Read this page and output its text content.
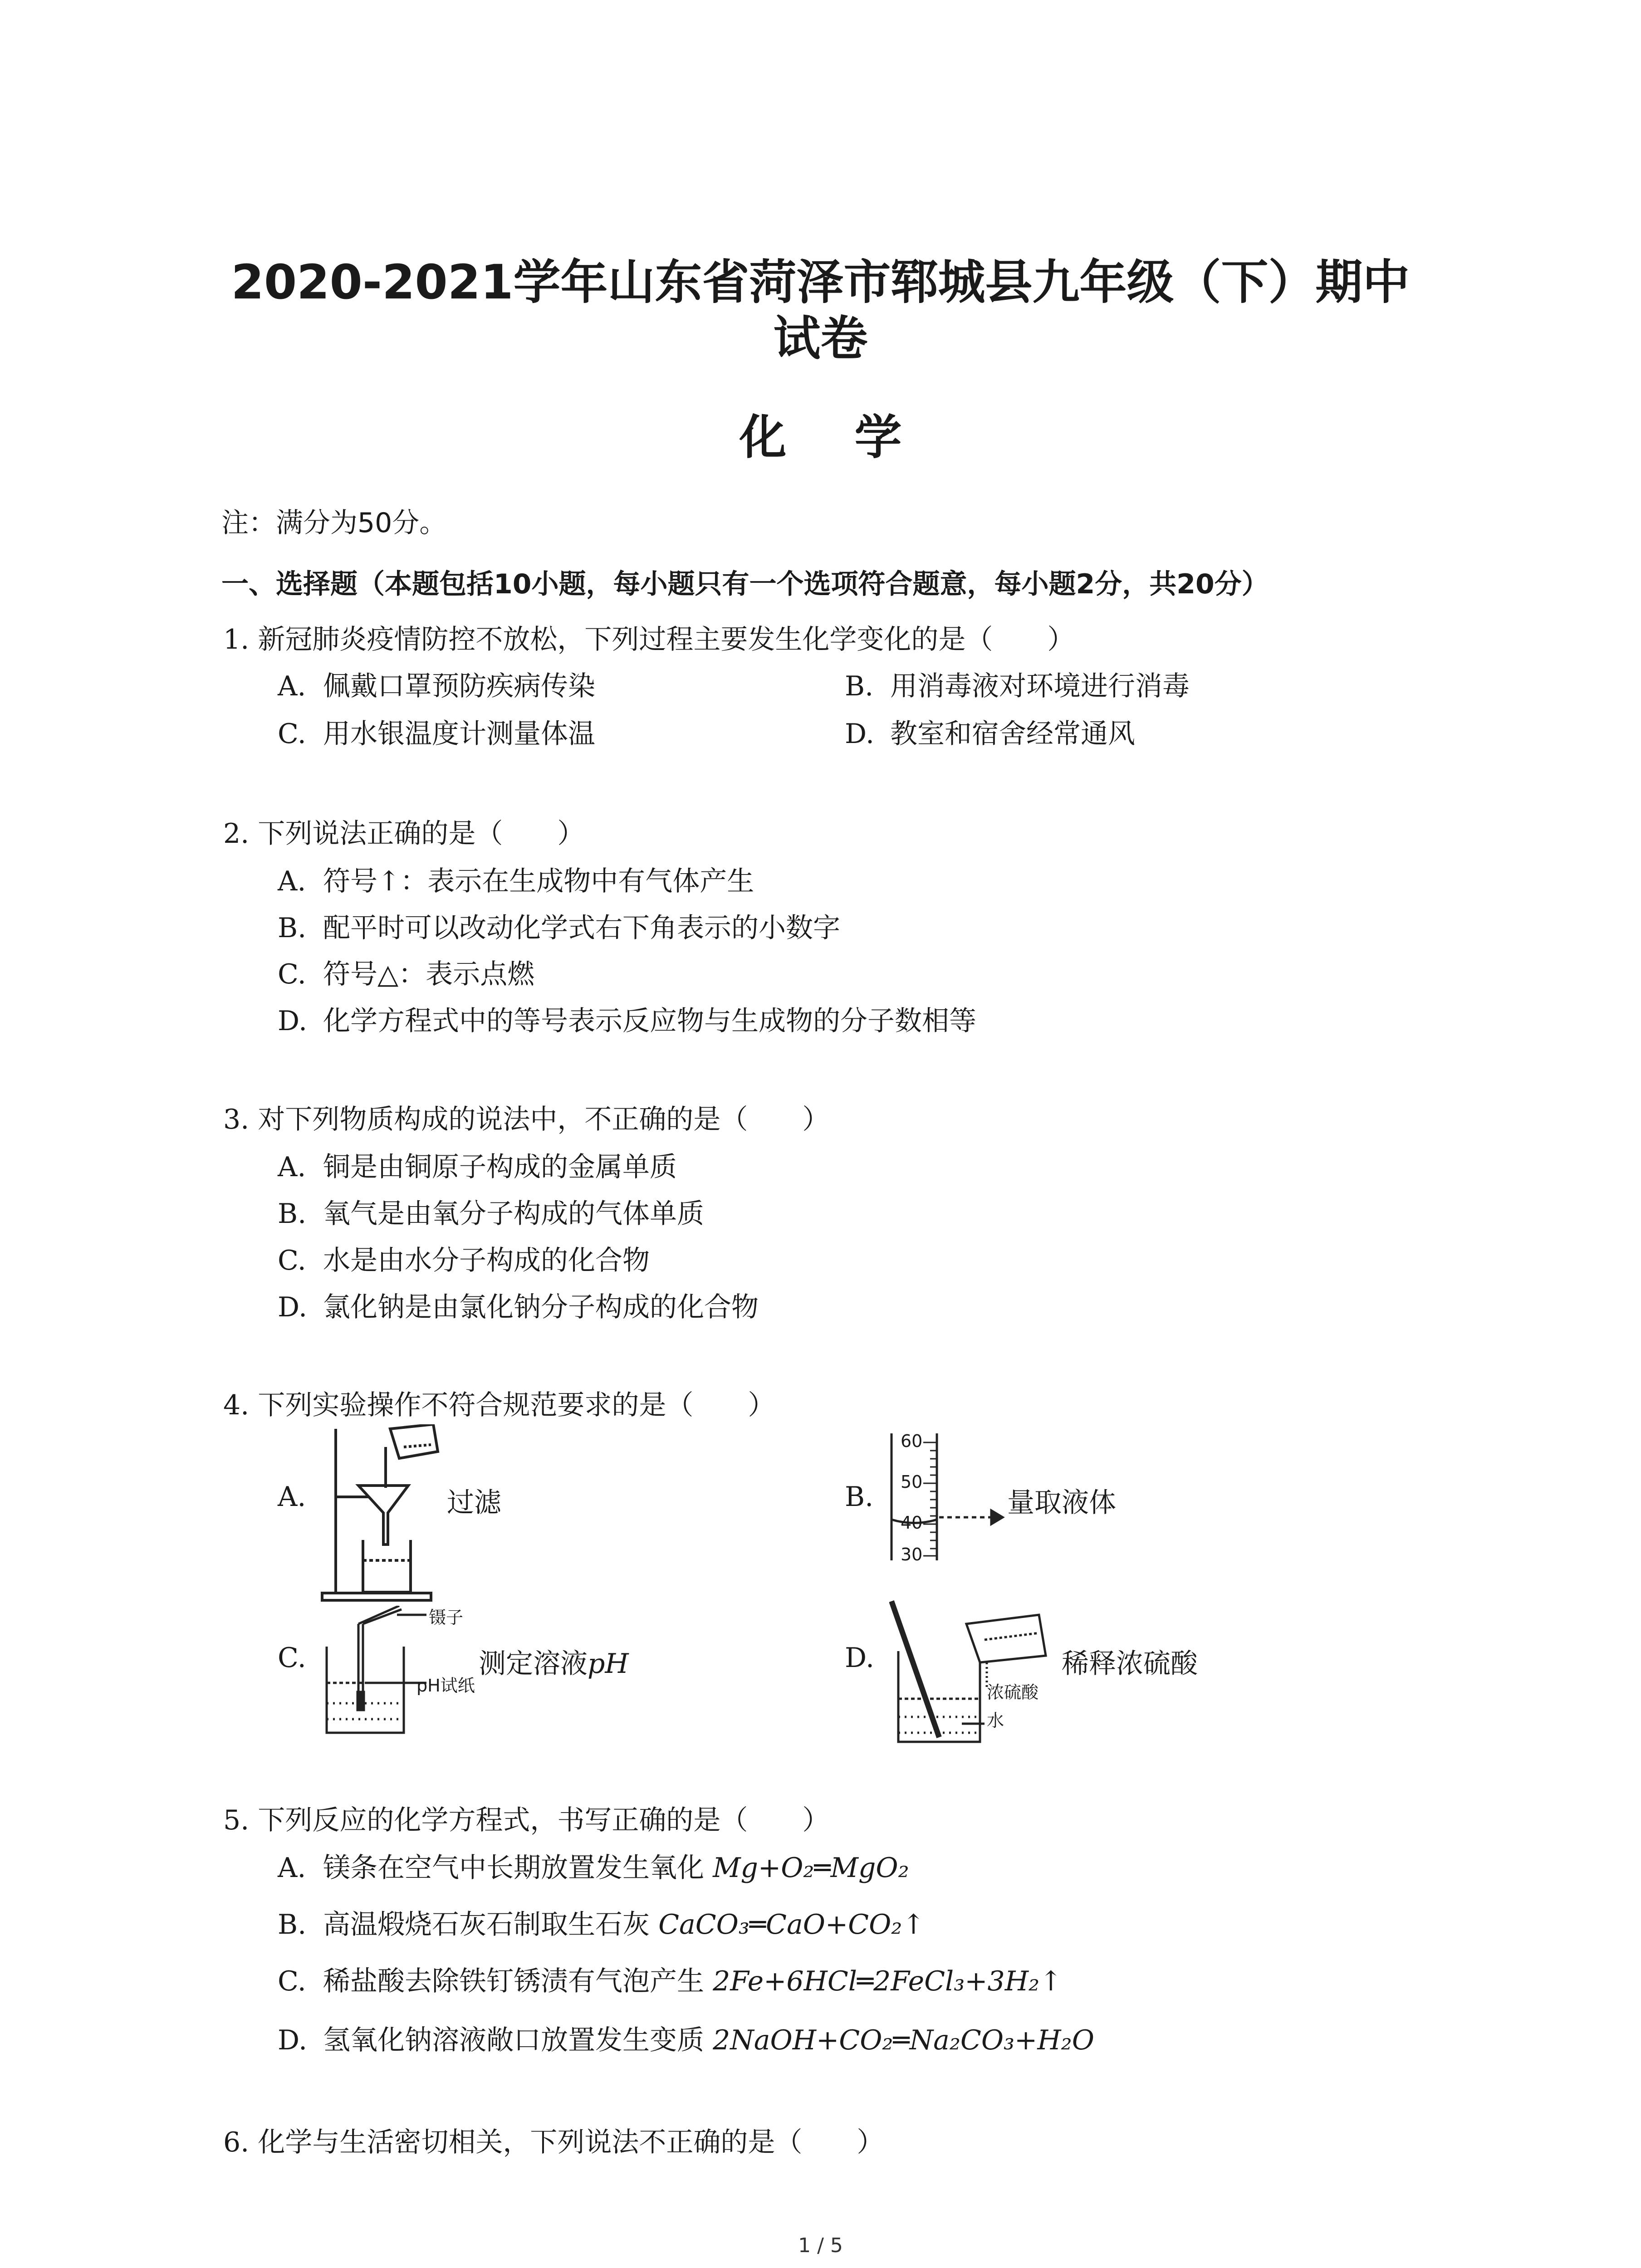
2020-2021学年山东省菏泽市郓城县九年级（下）期中
试卷
化学
注：满分为50分。
一、选择题（本题包括10小题，每小题只有一个选项符合题意，每小题2分，共20分）
1. 新冠肺炎疫情防控不放松，下列过程主要发生化学变化的是（　　）
A. 佩戴口罩预防疾病传染	B. 用消毒液对环境进行消毒
C. 用水银温度计测量体温	D. 教室和宿舍经常通风
2. 下列说法正确的是（　　）
A. 符号↑：表示在生成物中有气体产生
B. 配平时可以改动化学式右下角表示的小数字
C. 符号△：表示点燃
D. 化学方程式中的等号表示反应物与生成物的分子数相等
3. 对下列物质构成的说法中，不正确的是（　　）
A. 铜是由铜原子构成的金属单质
B. 氧气是由氧分子构成的气体单质
C. 水是由水分子构成的化合物
D. 氯化钠是由氯化钠分子构成的化合物
4. 下列实验操作不符合规范要求的是（　　）
A.	过滤	B.
60
50
40
30
量取液体
C.
镊子
pH试纸
测定溶液pH	D.
浓硫酸
水
稀释浓硫酸
5. 下列反应的化学方程式，书写正确的是（　　）
A. 镁条在空气中长期放置发生氧化 Mg+O₂═MgO₂
B. 高温煅烧石灰石制取生石灰 CaCO₃═CaO+CO₂↑
C. 稀盐酸去除铁钉锈渍有气泡产生 2Fe+6HCl═2FeCl₃+3H₂↑
D. 氢氧化钠溶液敞口放置发生变质 2NaOH+CO₂═Na₂CO₃+H₂O
6. 化学与生活密切相关，下列说法不正确的是（　　）
1 / 5
